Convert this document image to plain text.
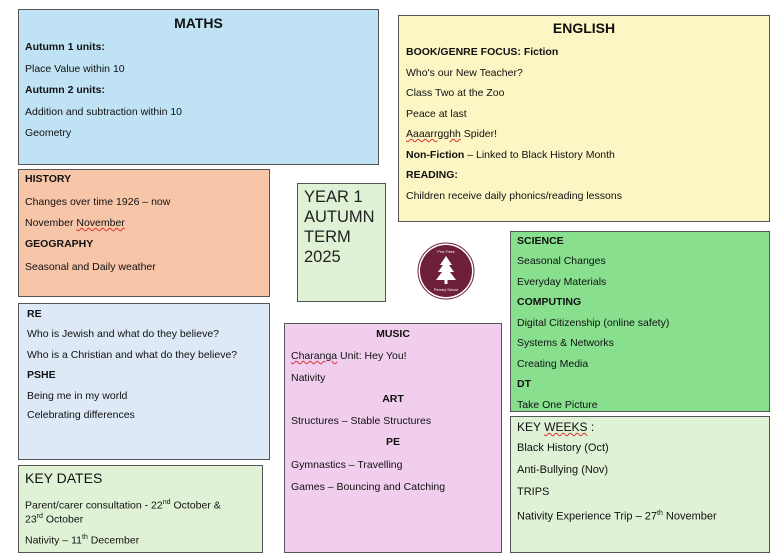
MATHS
Autumn 1 units:
Place Value within 10
Autumn 2 units:
Addition and subtraction within 10
Geometry
ENGLISH
BOOK/GENRE FOCUS: Fiction
Who's our New Teacher?
Class Two at the Zoo
Peace at last
Aaaarrgghh Spider!
Non-Fiction – Linked to Black History Month
READING:
Children receive daily phonics/reading lessons
HISTORY
Changes over time 1926 – now
November November
GEOGRAPHY
Seasonal and Daily weather
YEAR 1
AUTUMN
TERM
2025	Pine Trees
Primary School
SCIENCE
Seasonal Changes
Everyday Materials
COMPUTING
Digital Citizenship (online safety)
Systems & Networks
Creating Media
DT
Take One Picture
RE
Who is Jewish and what do they believe?
Who is a Christian and what do they believe?
PSHE
Being me in my world
Celebrating differences
MUSIC
Charanga Unit: Hey You!
Nativity
ART
Structures – Stable Structures
PE
Gymnastics – Travelling
Games – Bouncing and Catching
KEY WEEKS :
Black History (Oct)
Anti-Bullying (Nov)
TRIPS
Nativity Experience Trip – 27th November
KEY DATES
Parent/carer consultation - 22nd October &
23rd October
Nativity – 11th December
